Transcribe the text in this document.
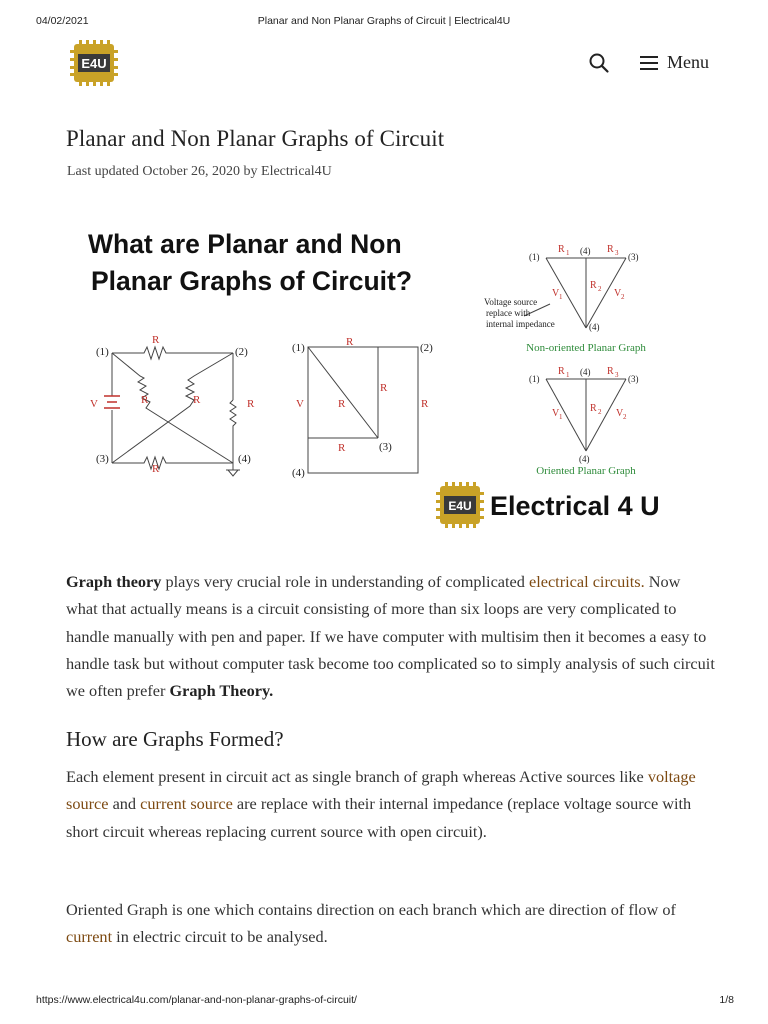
04/02/2021	Planar and Non Planar Graphs of Circuit | Electrical4U
E4U	Menu
Planar and Non Planar Graphs of Circuit
Last updated October 26, 2020 by Electrical4U
What are Planar and Non
Planar Graphs of Circuit?
(1)	(2)
(3)	(4)
R
R
V	R	R	R
(1)	(2)
(3)
(4)
R
V
R
R	R
R
(1)
(4)
(3)
(4)
Voltage source
replace with
internal impedance
R 1	R 3
R 2
V 1	V 2
Non-oriented Planar Graph
(1)
(4)
(3)
(4)
R 1	R 3
R 2
V 1	V 2
Oriented Planar Graph
E4U Electrical 4 U

Graph theory plays very crucial role in understanding of complicated electrical circuits. Now what that actually means is a circuit consisting of more than six loops are very complicated to handle manually with pen and paper. If we have computer with multisim then it becomes a easy to handle task but without computer task become too complicated so to simply analysis of such circuit we often prefer Graph Theory.

How are Graphs Formed?

Each element present in circuit act as single branch of graph whereas Active sources like voltage source and current source are replace with their internal impedance (replace voltage source with short circuit whereas replacing current source with open circuit).

Oriented Graph is one which contains direction on each branch which are direction of flow of current in electric circuit to be analysed.

https://www.electrical4u.com/planar-and-non-planar-graphs-of-circuit/	1/8
